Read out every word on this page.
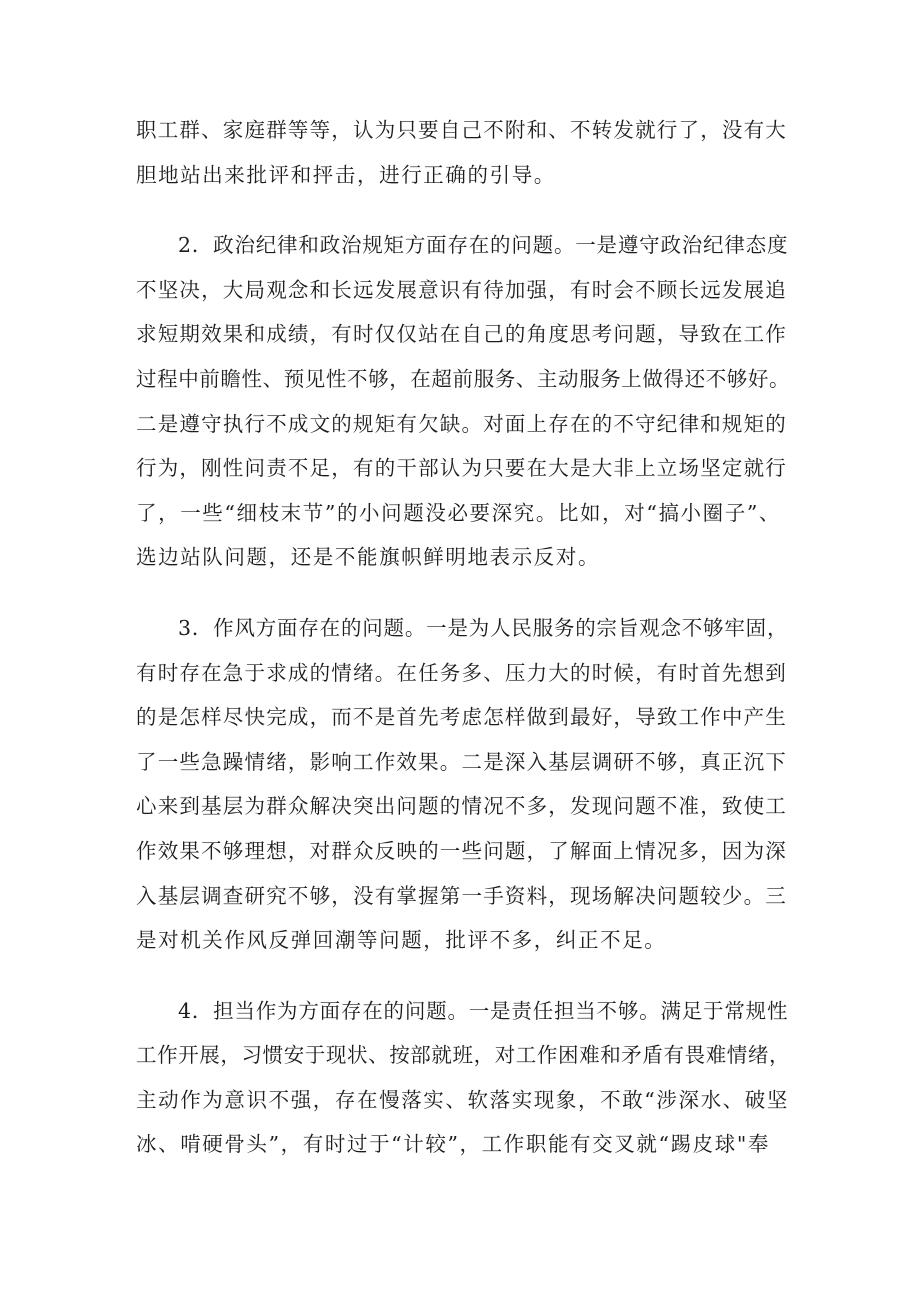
职工群、家庭群等等，认为只要自己不附和、不转发就行了，没有大
胆地站出来批评和抨击，进行正确的引导。

2．政治纪律和政治规矩方面存在的问题。一是遵守政治纪律态度
不坚决，大局观念和长远发展意识有待加强，有时会不顾长远发展追
求短期效果和成绩，有时仅仅站在自己的角度思考问题，导致在工作
过程中前瞻性、预见性不够，在超前服务、主动服务上做得还不够好。
二是遵守执行不成文的规矩有欠缺。对面上存在的不守纪律和规矩的
行为，刚性问责不足，有的干部认为只要在大是大非上立场坚定就行
了，一些“细枝末节”的小问题没必要深究。比如，对“搞小圈子”、
选边站队问题，还是不能旗帜鲜明地表示反对。

3．作风方面存在的问题。一是为人民服务的宗旨观念不够牢固，
有时存在急于求成的情绪。在任务多、压力大的时候，有时首先想到
的是怎样尽快完成，而不是首先考虑怎样做到最好，导致工作中产生
了一些急躁情绪，影响工作效果。二是深入基层调研不够，真正沉下
心来到基层为群众解决突出问题的情况不多，发现问题不准，致使工
作效果不够理想，对群众反映的一些问题，了解面上情况多，因为深
入基层调查研究不够，没有掌握第一手资料，现场解决问题较少。三
是对机关作风反弹回潮等问题，批评不多，纠正不足。

4．担当作为方面存在的问题。一是责任担当不够。满足于常规性
工作开展，习惯安于现状、按部就班，对工作困难和矛盾有畏难情绪，
主动作为意识不强，存在慢落实、软落实现象，不敢“涉深水、破坚
冰、啃硬骨头”，有时过于“计较”，工作职能有交叉就“踢皮球"奉
